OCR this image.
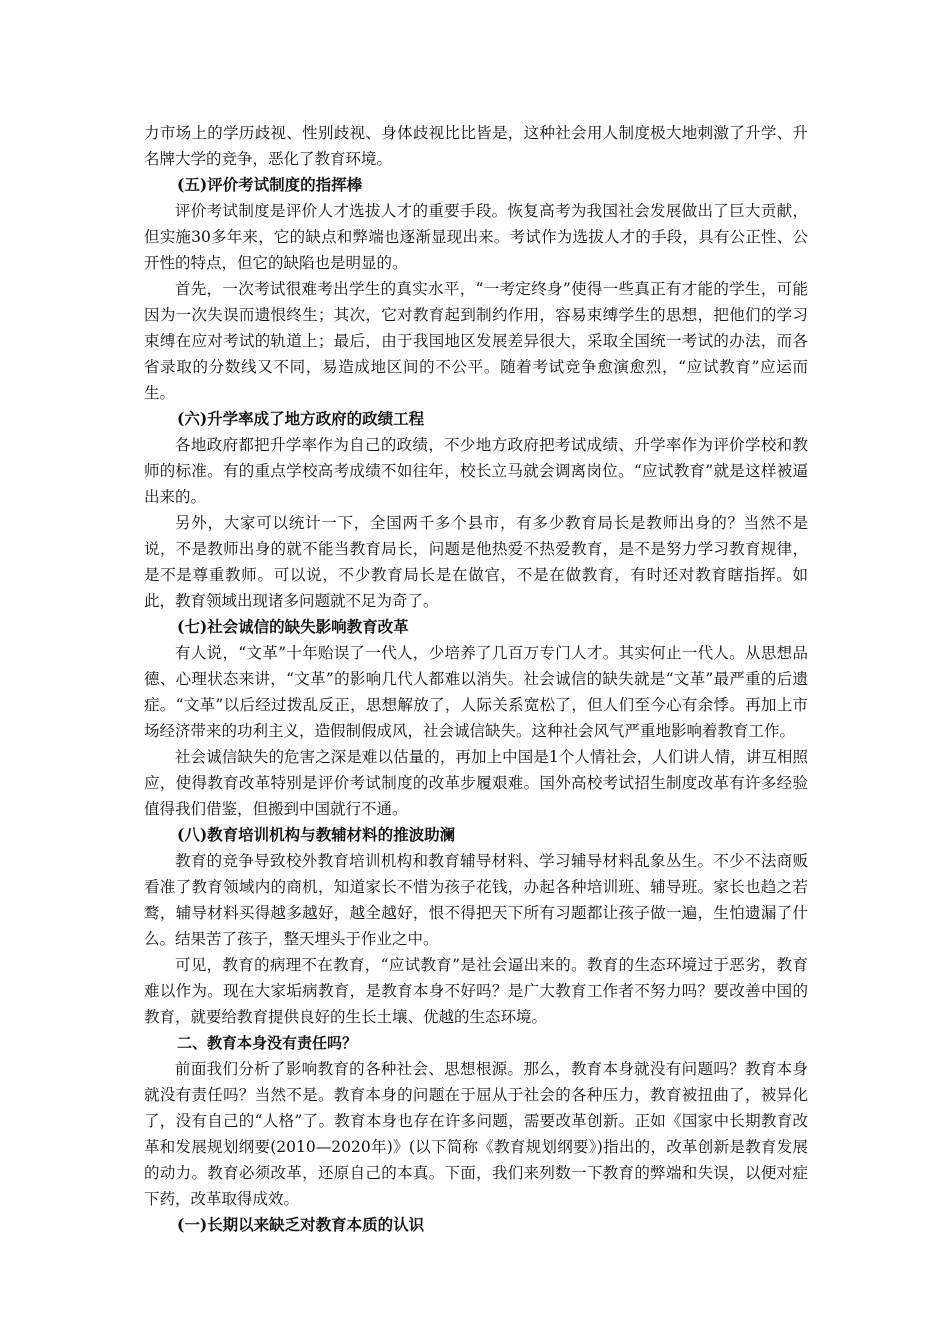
力市场上的学历歧视、性别歧视、身体歧视比比皆是，这种社会用人制度极大地刺激了升学、升名牌大学的竞争，恶化了教育环境。

(五)评价考试制度的指挥棒

评价考试制度是评价人才选拔人才的重要手段。恢复高考为我国社会发展做出了巨大贡献，但实施30多年来，它的缺点和弊端也逐渐显现出来。考试作为选拔人才的手段，具有公正性、公开性的特点，但它的缺陷也是明显的。

首先，一次考试很难考出学生的真实水平，“一考定终身”使得一些真正有才能的学生，可能因为一次失误而遗恨终生；其次，它对教育起到制约作用，容易束缚学生的思想，把他们的学习束缚在应对考试的轨道上；最后，由于我国地区发展差异很大，采取全国统一考试的办法，而各省录取的分数线又不同，易造成地区间的不公平。随着考试竞争愈演愈烈，“应试教育”应运而生。

(六)升学率成了地方政府的政绩工程

各地政府都把升学率作为自己的政绩，不少地方政府把考试成绩、升学率作为评价学校和教师的标准。有的重点学校高考成绩不如往年，校长立马就会调离岗位。“应试教育”就是这样被逼出来的。

另外，大家可以统计一下，全国两千多个县市，有多少教育局长是教师出身的？当然不是说，不是教师出身的就不能当教育局长，问题是他热爱不热爱教育，是不是努力学习教育规律，是不是尊重教师。可以说，不少教育局长是在做官，不是在做教育，有时还对教育瞎指挥。如此，教育领域出现诸多问题就不足为奇了。

(七)社会诚信的缺失影响教育改革

有人说，“文革”十年贻误了一代人，少培养了几百万专门人才。其实何止一代人。从思想品德、心理状态来讲，“文革”的影响几代人都难以消失。社会诚信的缺失就是“文革”最严重的后遗症。“文革”以后经过拨乱反正，思想解放了，人际关系宽松了，但人们至今心有余悸。再加上市场经济带来的功利主义，造假制假成风，社会诚信缺失。这种社会风气严重地影响着教育工作。

社会诚信缺失的危害之深是难以估量的，再加上中国是1个人情社会，人们讲人情，讲互相照应，使得教育改革特别是评价考试制度的改革步履艰难。国外高校考试招生制度改革有许多经验值得我们借鉴，但搬到中国就行不通。

(八)教育培训机构与教辅材料的推波助澜

教育的竞争导致校外教育培训机构和教育辅导材料、学习辅导材料乱象丛生。不少不法商贩看准了教育领域内的商机，知道家长不惜为孩子花钱，办起各种培训班、辅导班。家长也趋之若鹜，辅导材料买得越多越好，越全越好，恨不得把天下所有习题都让孩子做一遍，生怕遗漏了什么。结果苦了孩子，整天埋头于作业之中。

可见，教育的病理不在教育，“应试教育”是社会逼出来的。教育的生态环境过于恶劣，教育难以作为。现在大家垢病教育，是教育本身不好吗？是广大教育工作者不努力吗？要改善中国的教育，就要给教育提供良好的生长土壤、优越的生态环境。

二、教育本身没有责任吗？

前面我们分析了影响教育的各种社会、思想根源。那么，教育本身就没有问题吗？教育本身就没有责任吗？当然不是。教育本身的问题在于屈从于社会的各种压力，教育被扭曲了，被异化了，没有自己的“人格”了。教育本身也存在许多问题，需要改革创新。正如《国家中长期教育改革和发展规划纲要(2010—2020年)》(以下简称《教育规划纲要》)指出的，改革创新是教育发展的动力。教育必须改革，还原自己的本真。下面，我们来列数一下教育的弊端和失误，以便对症下药，改革取得成效。

(一)长期以来缺乏对教育本质的认识
